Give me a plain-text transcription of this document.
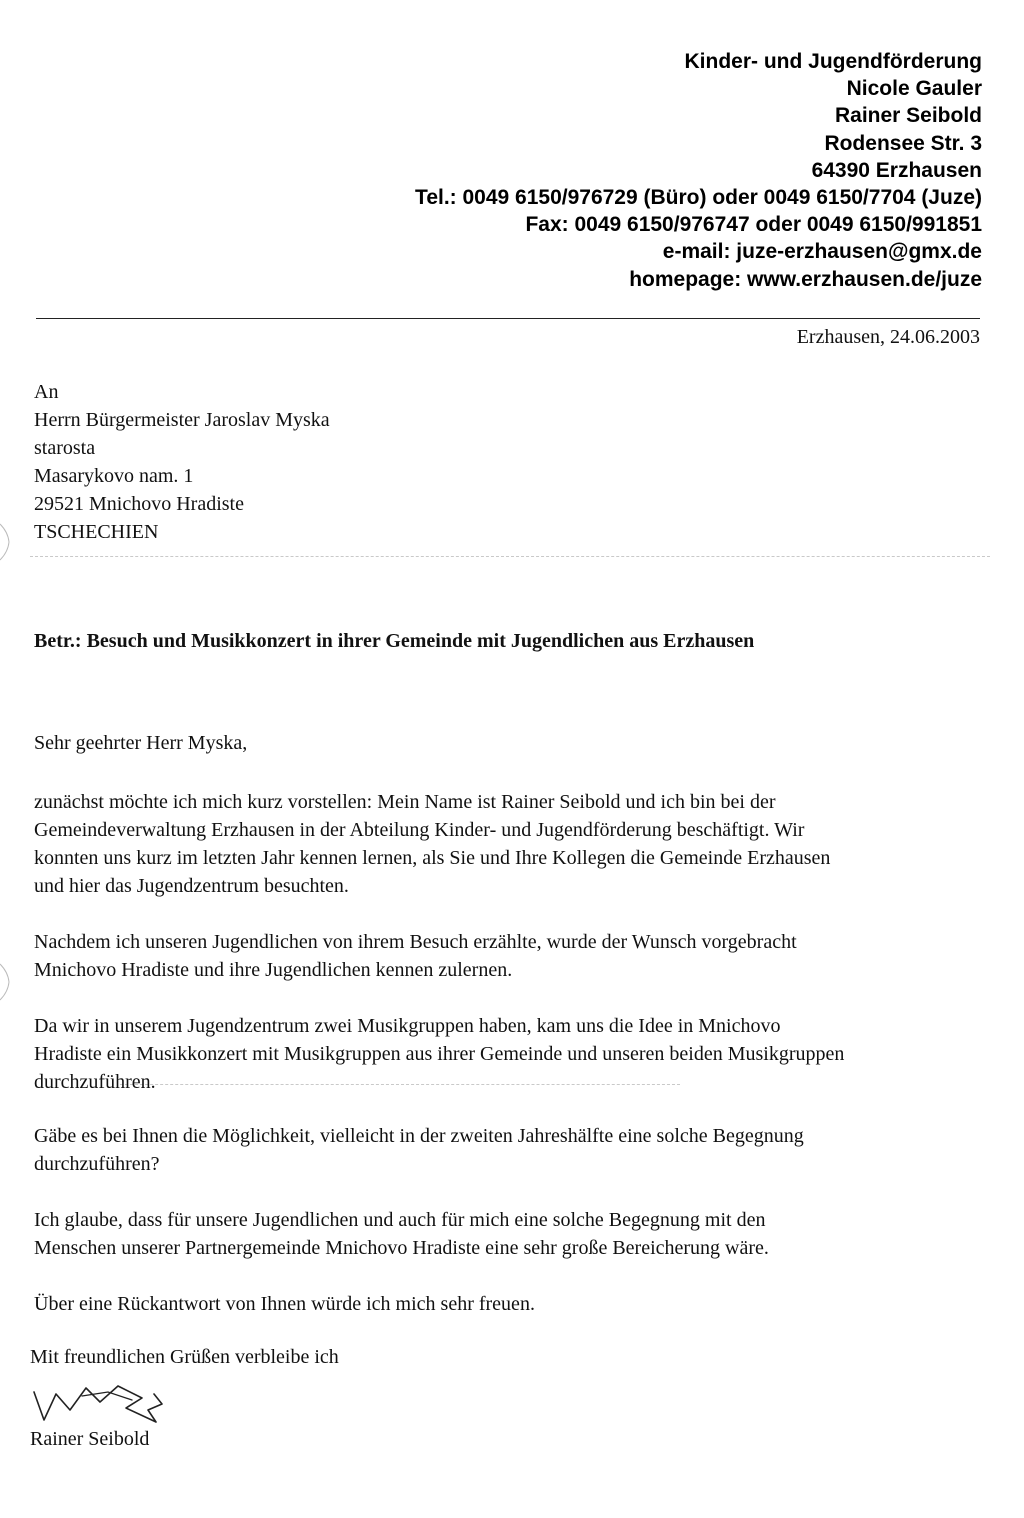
Kinder- und Jugendförderung
Nicole Gauler
Rainer Seibold
Rodensee Str. 3
64390 Erzhausen
Tel.: 0049 6150/976729 (Büro) oder 0049 6150/7704 (Juze)
Fax: 0049 6150/976747 oder 0049 6150/991851
e-mail: juze-erzhausen@gmx.de
homepage: www.erzhausen.de/juze
Erzhausen, 24.06.2003
An
Herrn Bürgermeister Jaroslav Myska
starosta
Masarykovo nam. 1
29521 Mnichovo Hradiste
TSCHECHIEN
Betr.: Besuch und Musikkonzert in ihrer Gemeinde mit Jugendlichen aus Erzhausen
Sehr geehrter Herr Myska,
zunächst möchte ich mich kurz vorstellen: Mein Name ist Rainer Seibold und ich bin bei der
Gemeindeverwaltung Erzhausen in der Abteilung Kinder- und Jugendförderung beschäftigt. Wir
konnten uns kurz im letzten Jahr kennen lernen, als Sie und Ihre Kollegen die Gemeinde Erzhausen
und hier das Jugendzentrum besuchten.
Nachdem ich unseren Jugendlichen von ihrem Besuch erzählte, wurde der Wunsch vorgebracht
Mnichovo Hradiste und ihre Jugendlichen kennen zulernen.
Da wir in unserem Jugendzentrum zwei Musikgruppen haben, kam uns die Idee in Mnichovo
Hradiste ein Musikkonzert mit Musikgruppen aus ihrer Gemeinde und unseren beiden Musikgruppen
durchzuführen.
Gäbe es bei Ihnen die Möglichkeit, vielleicht in der zweiten Jahreshälfte eine solche Begegnung
durchzuführen?
Ich glaube, dass für unsere Jugendlichen und auch für mich eine solche Begegnung mit den
Menschen unserer Partnergemeinde Mnichovo Hradiste eine sehr große Bereicherung wäre.
Über eine Rückantwort von Ihnen würde ich mich sehr freuen.
Mit freundlichen Grüßen verbleibe ich
Rainer Seibold
